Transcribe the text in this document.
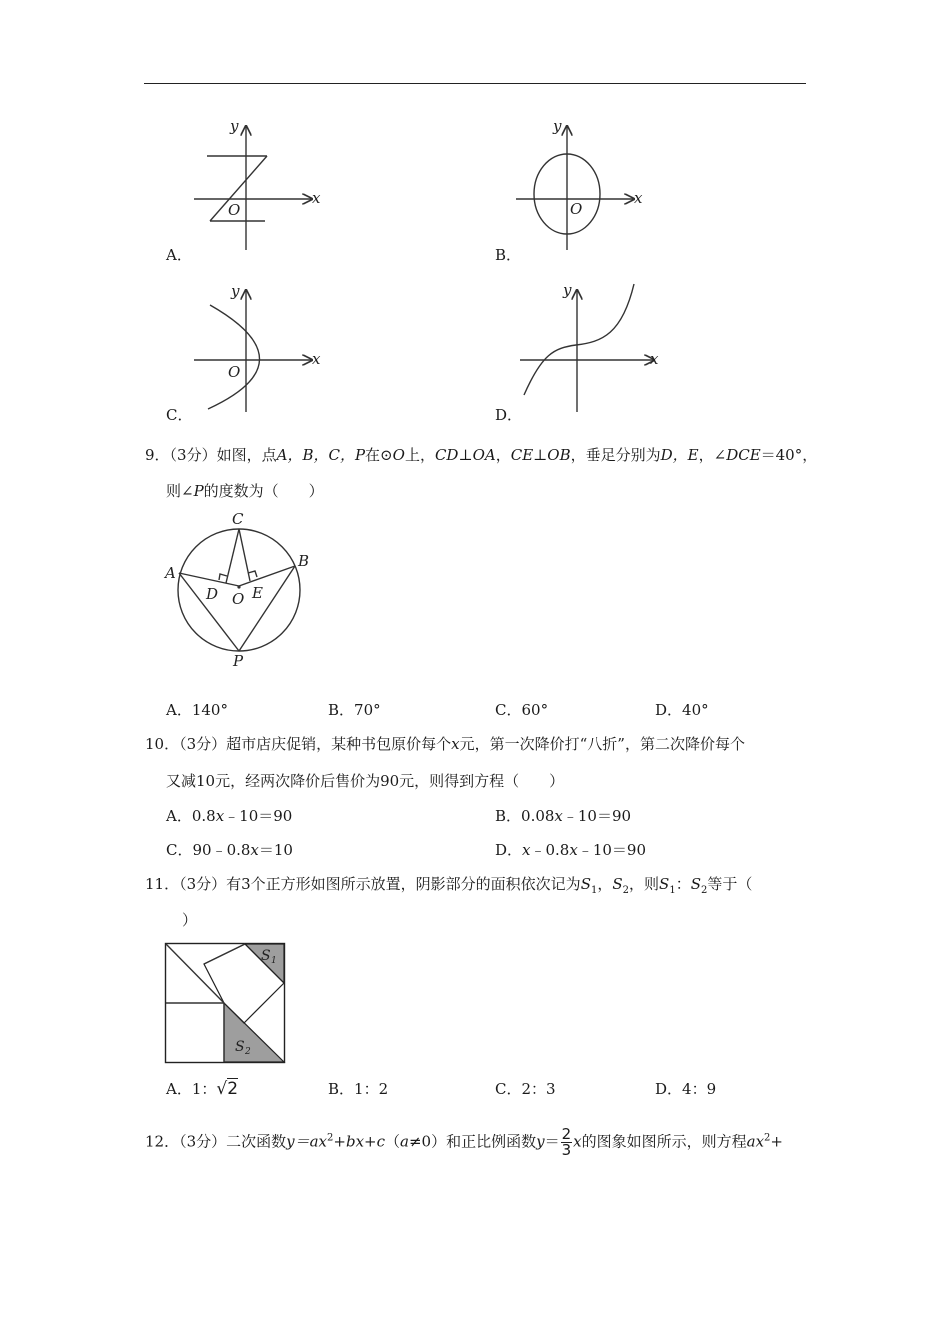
x
y
O
A．
x
y
O
B．
x
y
O
C．
x
y
D．
9．（3分）如图，点A，B，C，P在⊙O上，CD⊥OA，CE⊥OB，垂足分别为D，E，∠DCE＝40°，
则∠P的度数为（　　）
C
A
B
D O E
P
A．140°	B．70°	C．60°	D．40°
10．（3分）超市店庆促销，某种书包原价每个x元，第一次降价打“八折”，第二次降价每个
又减10元，经两次降价后售价为90元，则得到方程（　　）
A．0.8x﹣10＝90	B．0.08x﹣10＝90
C．90﹣0.8x＝10	D．x﹣0.8x﹣10＝90
11．（3分）有3个正方形如图所示放置，阴影部分的面积依次记为$S_1$，$S_2$，则$S_1$：$S_2$等于（
）
S 1
S 2
A．1：√2	B．1：2	C．2：3	D．4：9
12．（3分）二次函数$y=ax^2+bx+c(a\ne 0)$和正比例函数$y= \frac{2}{3}$ x的图象如图所示，则方程$ax^2+$
